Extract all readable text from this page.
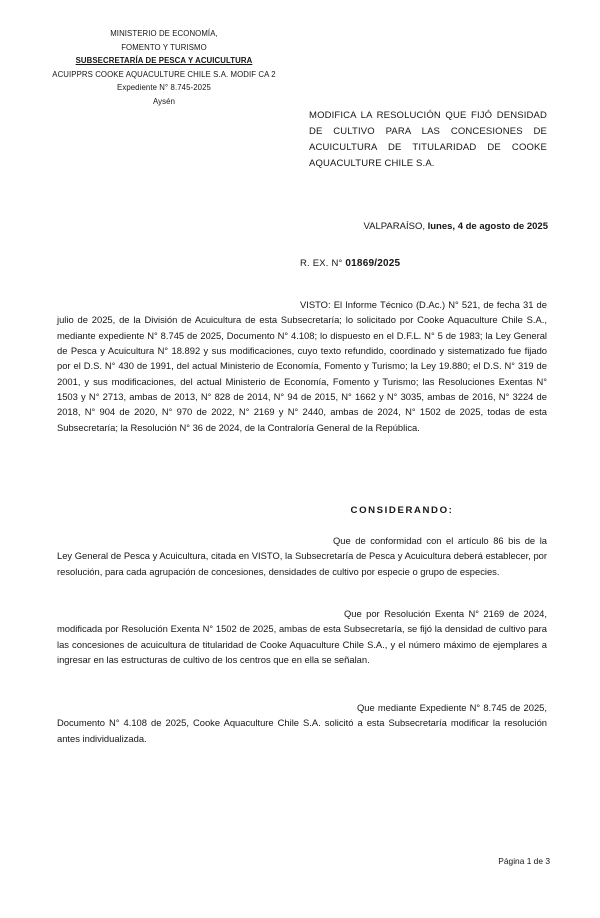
MINISTERIO DE ECONOMÍA,
FOMENTO Y TURISMO
SUBSECRETARÍA DE PESCA Y ACUICULTURA
ACUIPPRS COOKE AQUACULTURE CHILE S.A. MODIF CA 2
Expediente N° 8.745-2025
Aysén
MODIFICA LA RESOLUCIÓN QUE FIJÓ DENSIDAD DE CULTIVO PARA LAS CONCESIONES DE ACUICULTURA DE TITULARIDAD DE COOKE AQUACULTURE CHILE S.A.
VALPARAÍSO, lunes, 4 de agosto de 2025
R. EX. N° 01869/2025

VISTO: El Informe Técnico (D.Ac.) N° 521, de fecha 31 de julio de 2025, de la División de Acuicultura de esta Subsecretaría; lo solicitado por Cooke Aquaculture Chile S.A., mediante expediente N° 8.745 de 2025, Documento N° 4.108; lo dispuesto en el D.F.L. N° 5 de 1983; la Ley General de Pesca y Acuicultura N° 18.892 y sus modificaciones, cuyo texto refundido, coordinado y sistematizado fue fijado por el D.S. N° 430 de 1991, del actual Ministerio de Economía, Fomento y Turismo; la Ley 19.880; el D.S. N° 319 de 2001, y sus modificaciones, del actual Ministerio de Economía, Fomento y Turismo; las Resoluciones Exentas N° 1503 y N° 2713, ambas de 2013, N° 828 de 2014, N° 94 de 2015, N° 1662 y N° 3035, ambas de 2016, N° 3224 de 2018, N° 904 de 2020, N° 970 de 2022, N° 2169 y N° 2440, ambas de 2024, N° 1502 de 2025, todas de esta Subsecretaría; la Resolución N° 36 de 2024, de la Contraloría General de la República.

CONSIDERANDO:

Que de conformidad con el artículo 86 bis de la Ley General de Pesca y Acuicultura, citada en VISTO, la Subsecretaría de Pesca y Acuicultura deberá establecer, por resolución, para cada agrupación de concesiones, densidades de cultivo por especie o grupo de especies.

Que por Resolución Exenta N° 2169 de 2024, modificada por Resolución Exenta N° 1502 de 2025, ambas de esta Subsecretaría, se fijó la densidad de cultivo para las concesiones de acuicultura de titularidad de Cooke Aquaculture Chile S.A., y el número máximo de ejemplares a ingresar en las estructuras de cultivo de los centros que en ella se señalan.

Que mediante Expediente N° 8.745 de 2025, Documento N° 4.108 de 2025, Cooke Aquaculture Chile S.A. solicitó a esta Subsecretaría modificar la resolución antes individualizada.

Página 1 de 3
